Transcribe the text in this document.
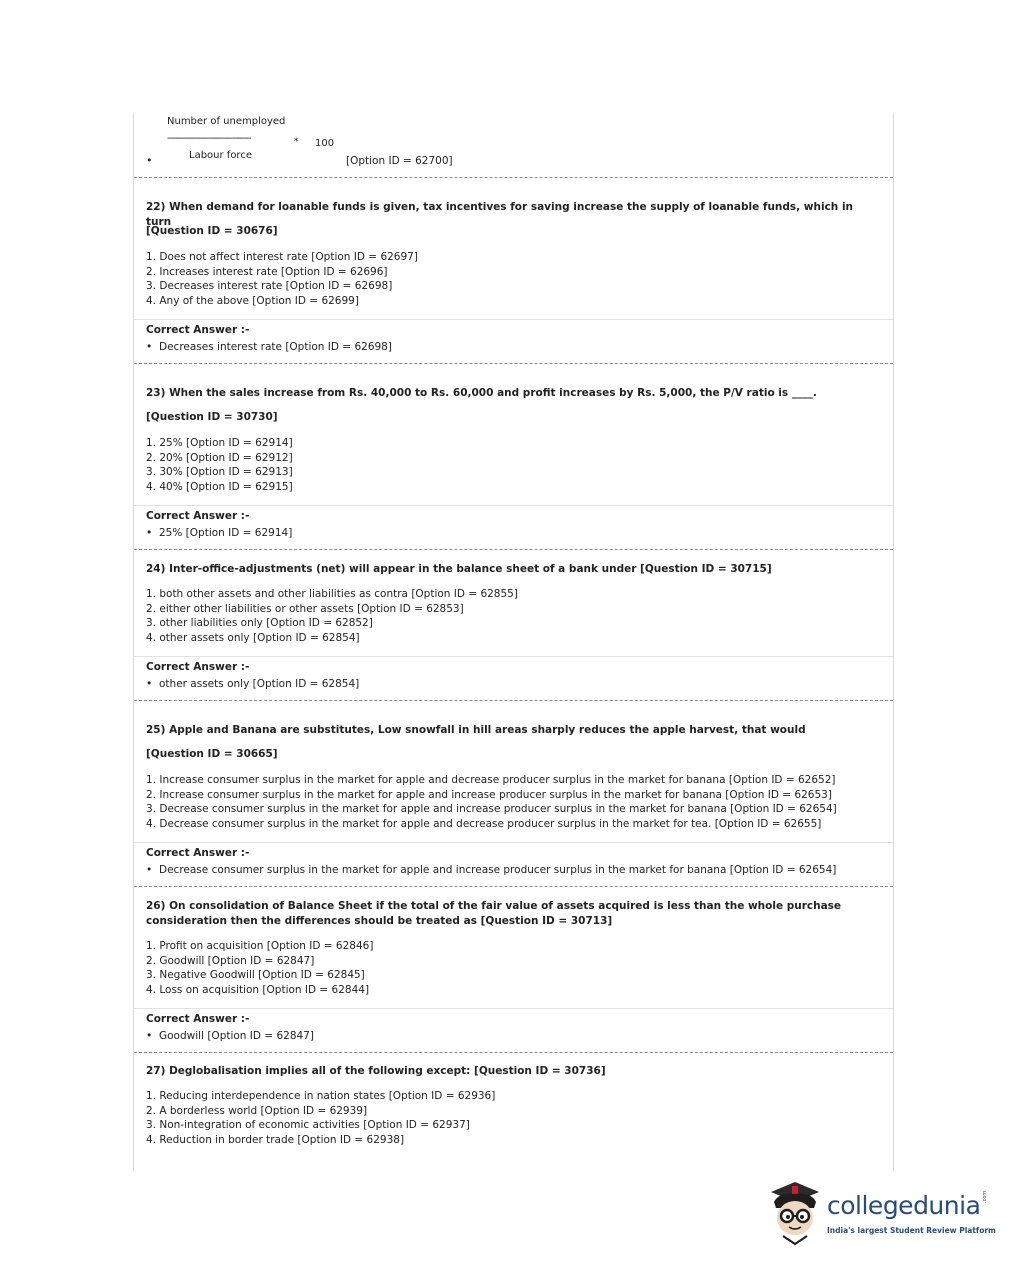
Number of unemployed
--------------------------------	* 100
•	Labour force	[Option ID = 62700]
22) When demand for loanable funds is given, tax incentives for saving increase the supply of loanable funds, which in turn
[Question ID = 30676]
1. Does not affect interest rate [Option ID = 62697]
2. Increases interest rate [Option ID = 62696]
3. Decreases interest rate [Option ID = 62698]
4. Any of the above [Option ID = 62699]
Correct Answer :-
• Decreases interest rate [Option ID = 62698]
23) When the sales increase from Rs. 40,000 to Rs. 60,000 and profit increases by Rs. 5,000, the P/V ratio is ____.
[Question ID = 30730]
1. 25% [Option ID = 62914]
2. 20% [Option ID = 62912]
3. 30% [Option ID = 62913]
4. 40% [Option ID = 62915]
Correct Answer :-
• 25% [Option ID = 62914]
24) Inter-office-adjustments (net) will appear in the balance sheet of a bank under [Question ID = 30715]
1. both other assets and other liabilities as contra [Option ID = 62855]
2. either other liabilities or other assets [Option ID = 62853]
3. other liabilities only [Option ID = 62852]
4. other assets only [Option ID = 62854]
Correct Answer :-
• other assets only [Option ID = 62854]
25) Apple and Banana are substitutes, Low snowfall in hill areas sharply reduces the apple harvest, that would
[Question ID = 30665]
1. Increase consumer surplus in the market for apple and decrease producer surplus in the market for banana [Option ID = 62652]
2. Increase consumer surplus in the market for apple and increase producer surplus in the market for banana [Option ID = 62653]
3. Decrease consumer surplus in the market for apple and increase producer surplus in the market for banana [Option ID = 62654]
4. Decrease consumer surplus in the market for apple and decrease producer surplus in the market for tea. [Option ID = 62655]
Correct Answer :-
• Decrease consumer surplus in the market for apple and increase producer surplus in the market for banana [Option ID = 62654]
26) On consolidation of Balance Sheet if the total of the fair value of assets acquired is less than the whole purchase consideration then the differences should be treated as [Question ID = 30713]
1. Profit on acquisition [Option ID = 62846]
2. Goodwill [Option ID = 62847]
3. Negative Goodwill [Option ID = 62845]
4. Loss on acquisition [Option ID = 62844]
Correct Answer :-
• Goodwill [Option ID = 62847]
27) Deglobalisation implies all of the following except: [Question ID = 30736]
1. Reducing interdependence in nation states [Option ID = 62936]
2. A borderless world [Option ID = 62939]
3. Non-integration of economic activities [Option ID = 62937]
4. Reduction in border trade [Option ID = 62938]
collegedunia .com
India's largest Student Review Platform
